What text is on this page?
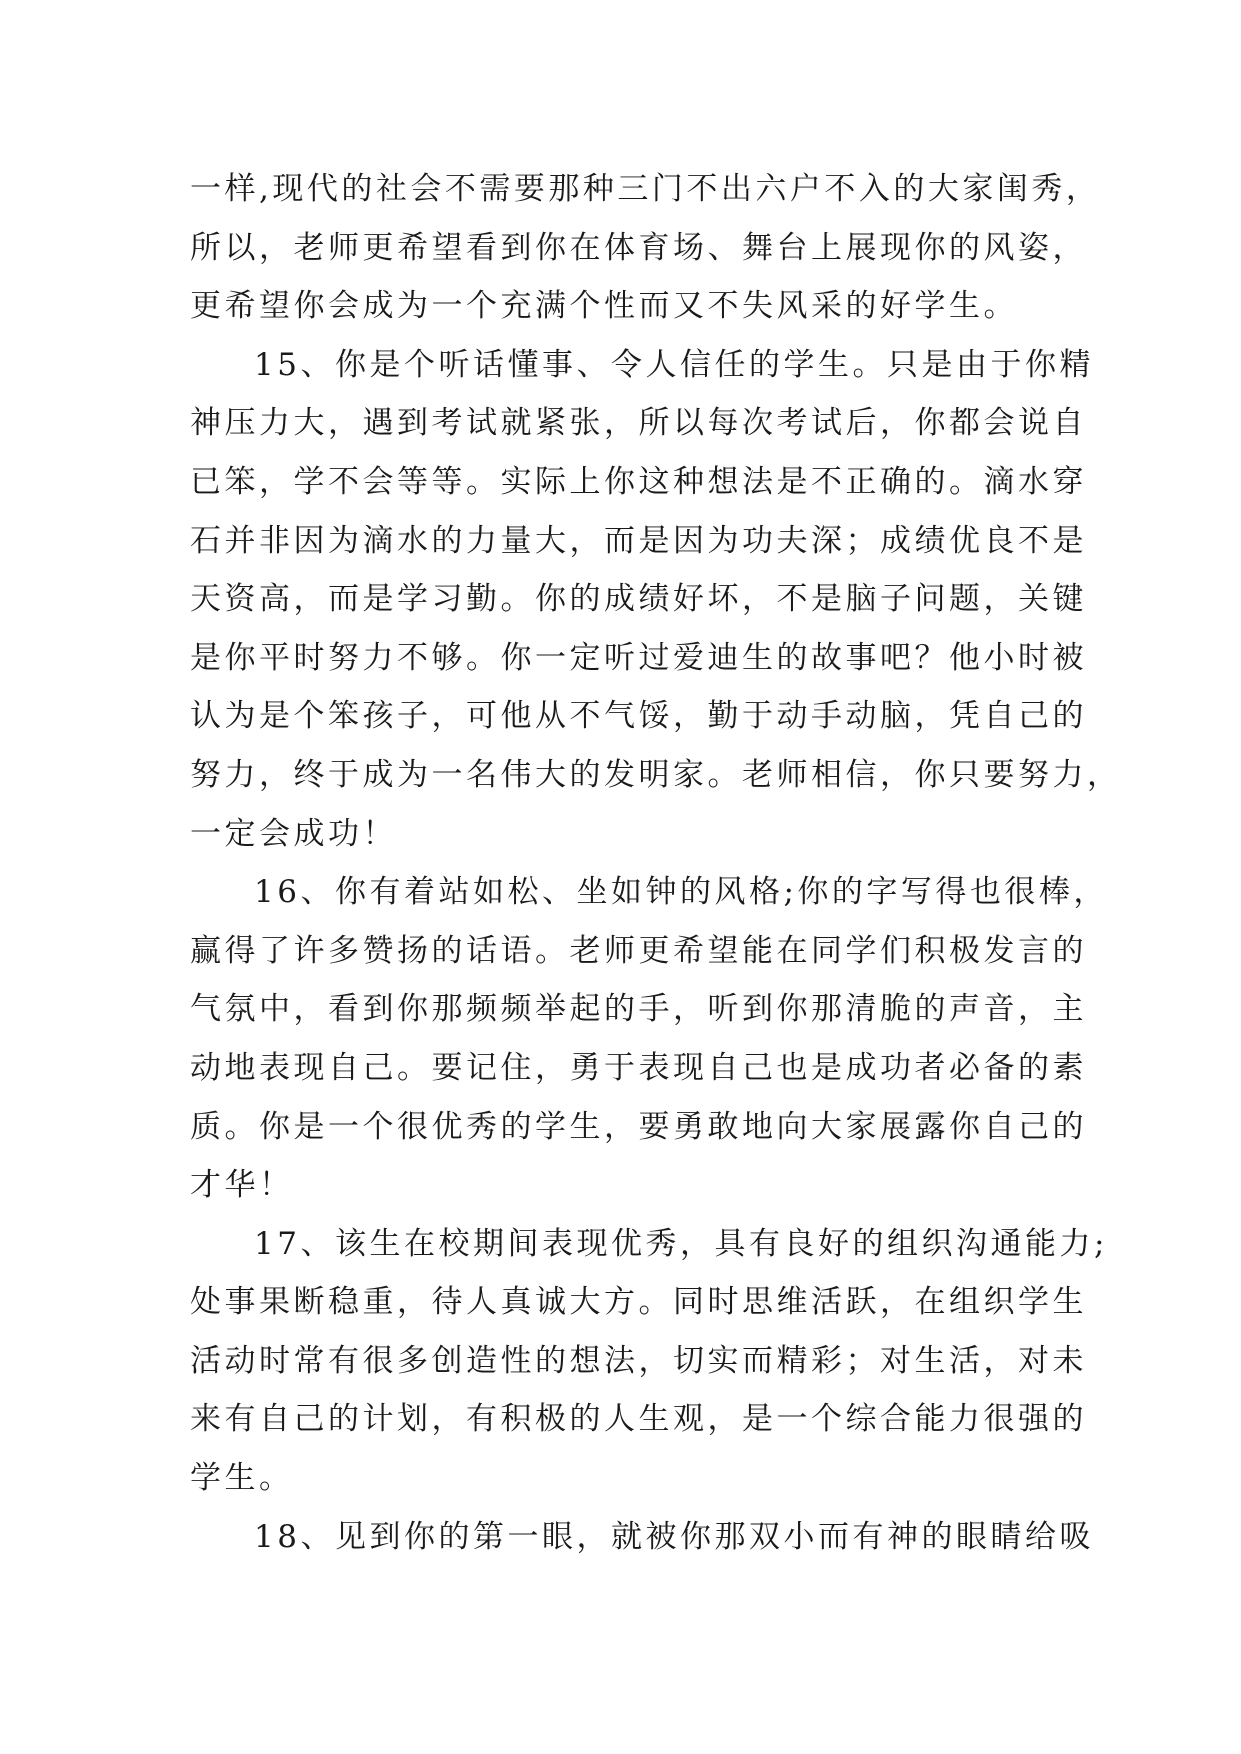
一样,现代的社会不需要那种三门不出六户不入的大家闺秀，
所以，老师更希望看到你在体育场、舞台上展现你的风姿，
更希望你会成为一个充满个性而又不失风采的好学生。
15、你是个听话懂事、令人信任的学生。只是由于你精
神压力大，遇到考试就紧张，所以每次考试后，你都会说自
已笨，学不会等等。实际上你这种想法是不正确的。滴水穿
石并非因为滴水的力量大，而是因为功夫深；成绩优良不是
天资高，而是学习勤。你的成绩好坏，不是脑子问题，关键
是你平时努力不够。你一定听过爱迪生的故事吧？他小时被
认为是个笨孩子，可他从不气馁，勤于动手动脑，凭自己的
努力，终于成为一名伟大的发明家。老师相信，你只要努力，
一定会成功！
16、你有着站如松、坐如钟的风格;你的字写得也很棒，
赢得了许多赞扬的话语。老师更希望能在同学们积极发言的
气氛中，看到你那频频举起的手，听到你那清脆的声音，主
动地表现自己。要记住，勇于表现自己也是成功者必备的素
质。你是一个很优秀的学生，要勇敢地向大家展露你自己的
才华！
17、该生在校期间表现优秀，具有良好的组织沟通能力;
处事果断稳重，待人真诚大方。同时思维活跃，在组织学生
活动时常有很多创造性的想法，切实而精彩；对生活，对未
来有自己的计划，有积极的人生观，是一个综合能力很强的
学生。
18、见到你的第一眼，就被你那双小而有神的眼睛给吸
